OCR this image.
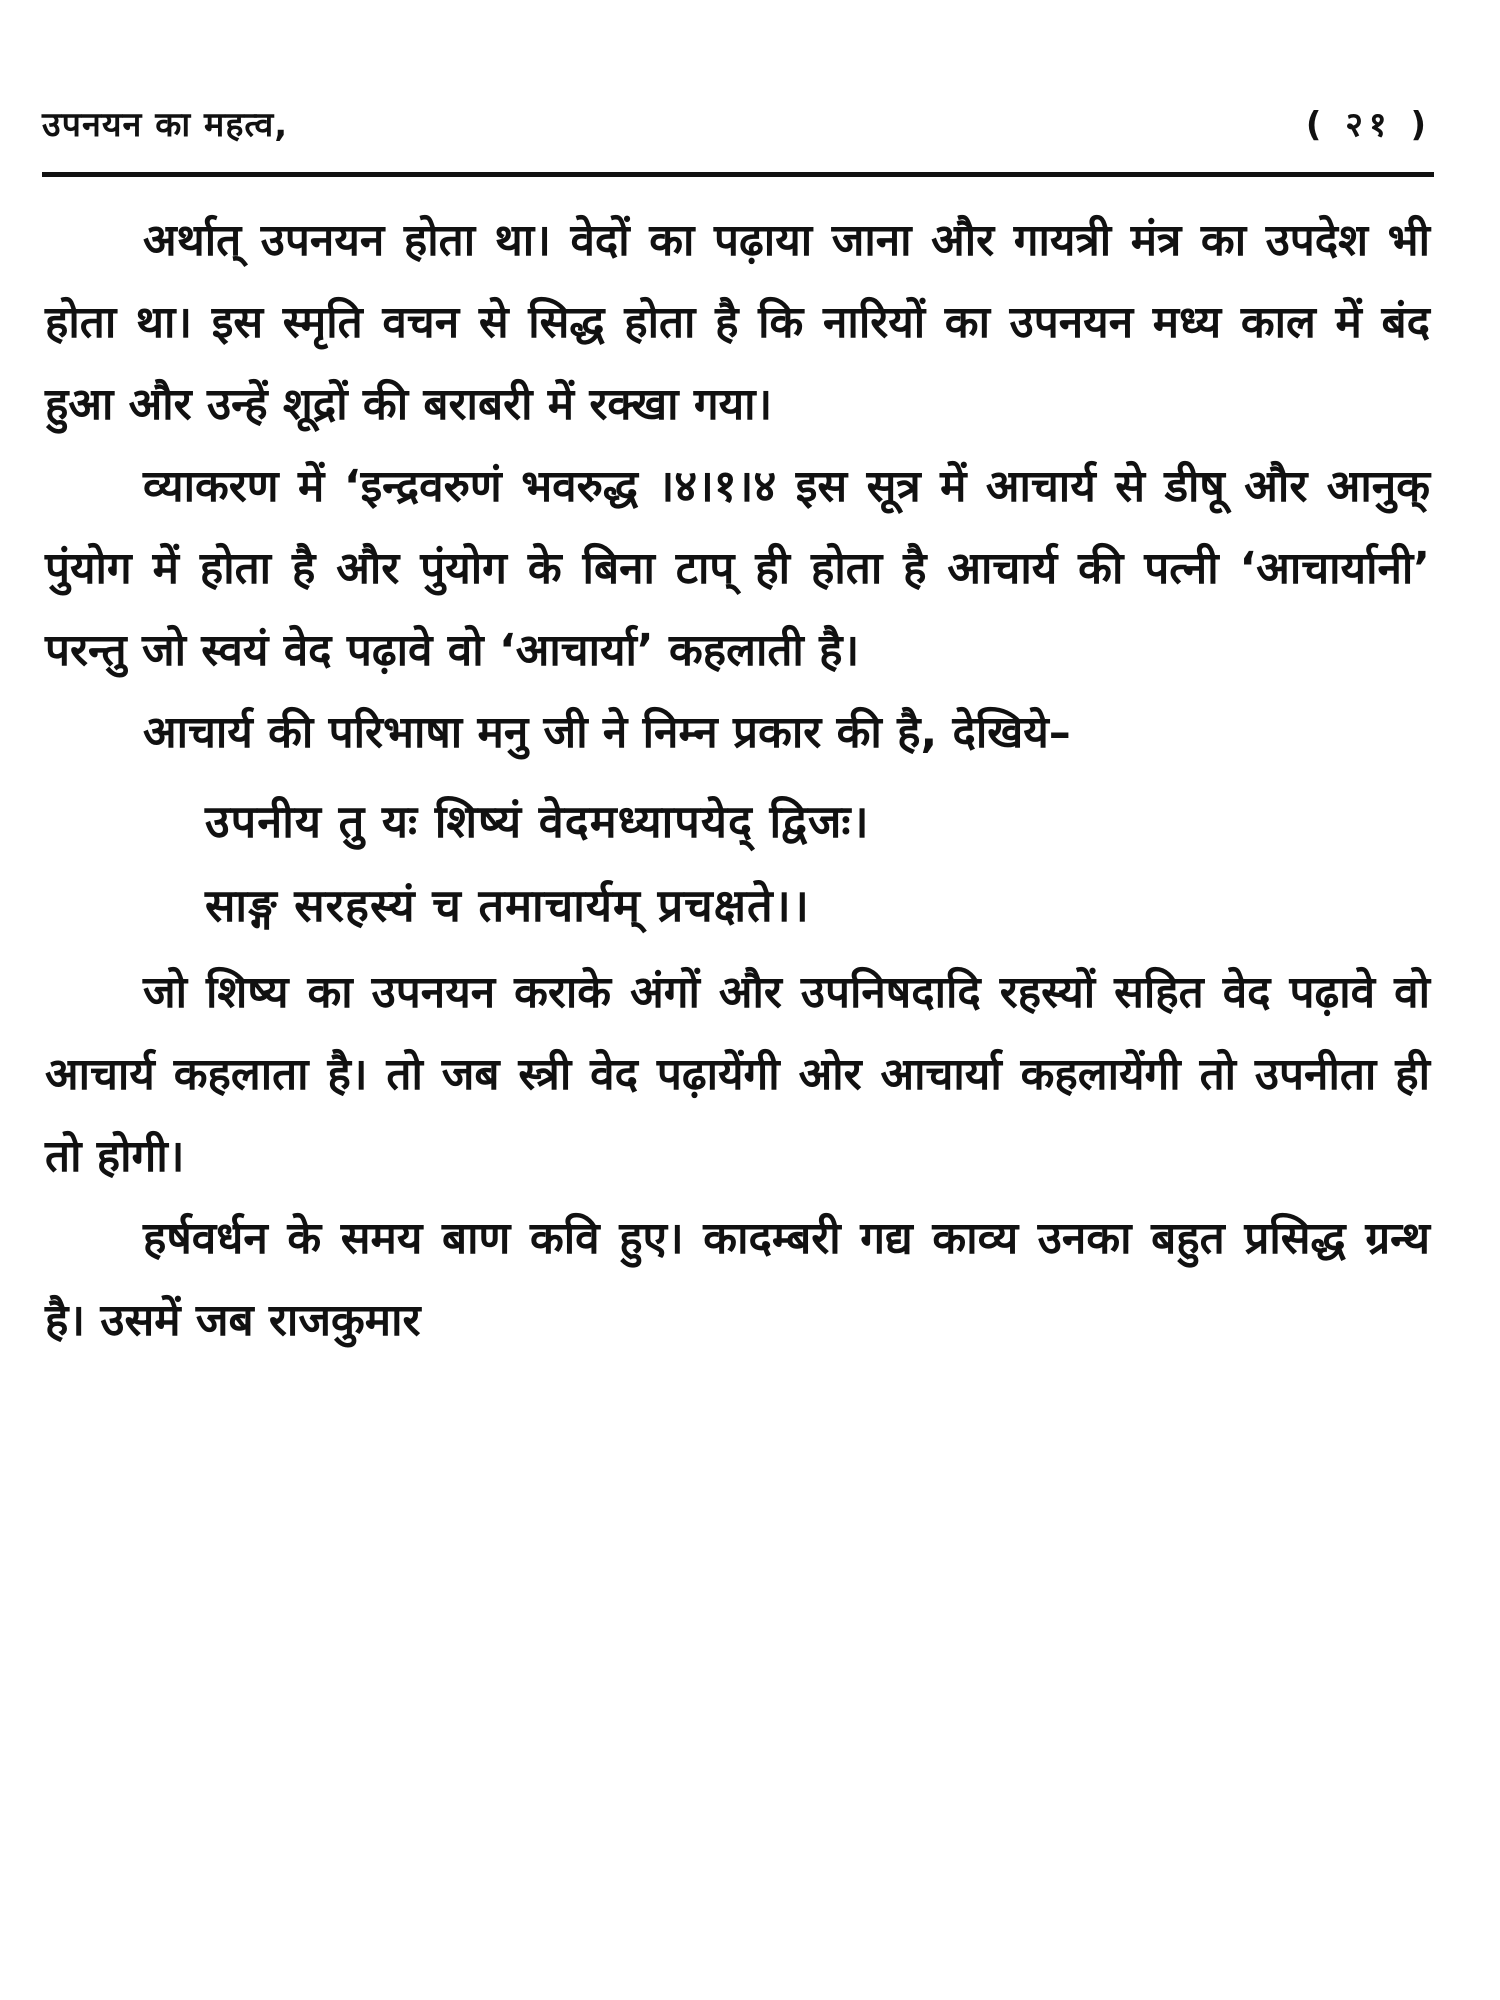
उपनयन का महत्व,	( २१ )

अर्थात् उपनयन होता था। वेदों का पढ़ाया जाना और गायत्री मंत्र का उपदेश भी होता था। इस स्मृति वचन से सिद्ध होता है कि नारियों का उपनयन मध्य काल में बंद हुआ और उन्हें शूद्रों की बराबरी में रक्खा गया।

व्याकरण में ‘इन्द्रवरुणं भवरुद्ध ।४।१।४ इस सूत्र में आचार्य से डीषू और आनुक् पुंयोग में होता है और पुंयोग के बिना टाप् ही होता है आचार्य की पत्नी ‘आचार्यानी’ परन्तु जो स्वयं वेद पढ़ावे वो ‘आचार्या’ कहलाती है।

आचार्य की परिभाषा मनु जी ने निम्न प्रकार की है, देखिये–

उपनीय तु यः शिष्यं वेदमध्यापयेद् द्विजः।

साङ्ग सरहस्यं च तमाचार्यम् प्रचक्षते।।

जो शिष्य का उपनयन कराके अंगों और उपनिषदादि रहस्यों सहित वेद पढ़ावे वो आचार्य कहलाता है। तो जब स्त्री वेद पढ़ायेंगी ओर आचार्या कहलायेंगी तो उपनीता ही तो होगी।

हर्षवर्धन के समय बाण कवि हुए। कादम्बरी गद्य काव्य उनका बहुत प्रसिद्ध ग्रन्थ है। उसमें जब राजकुमार
